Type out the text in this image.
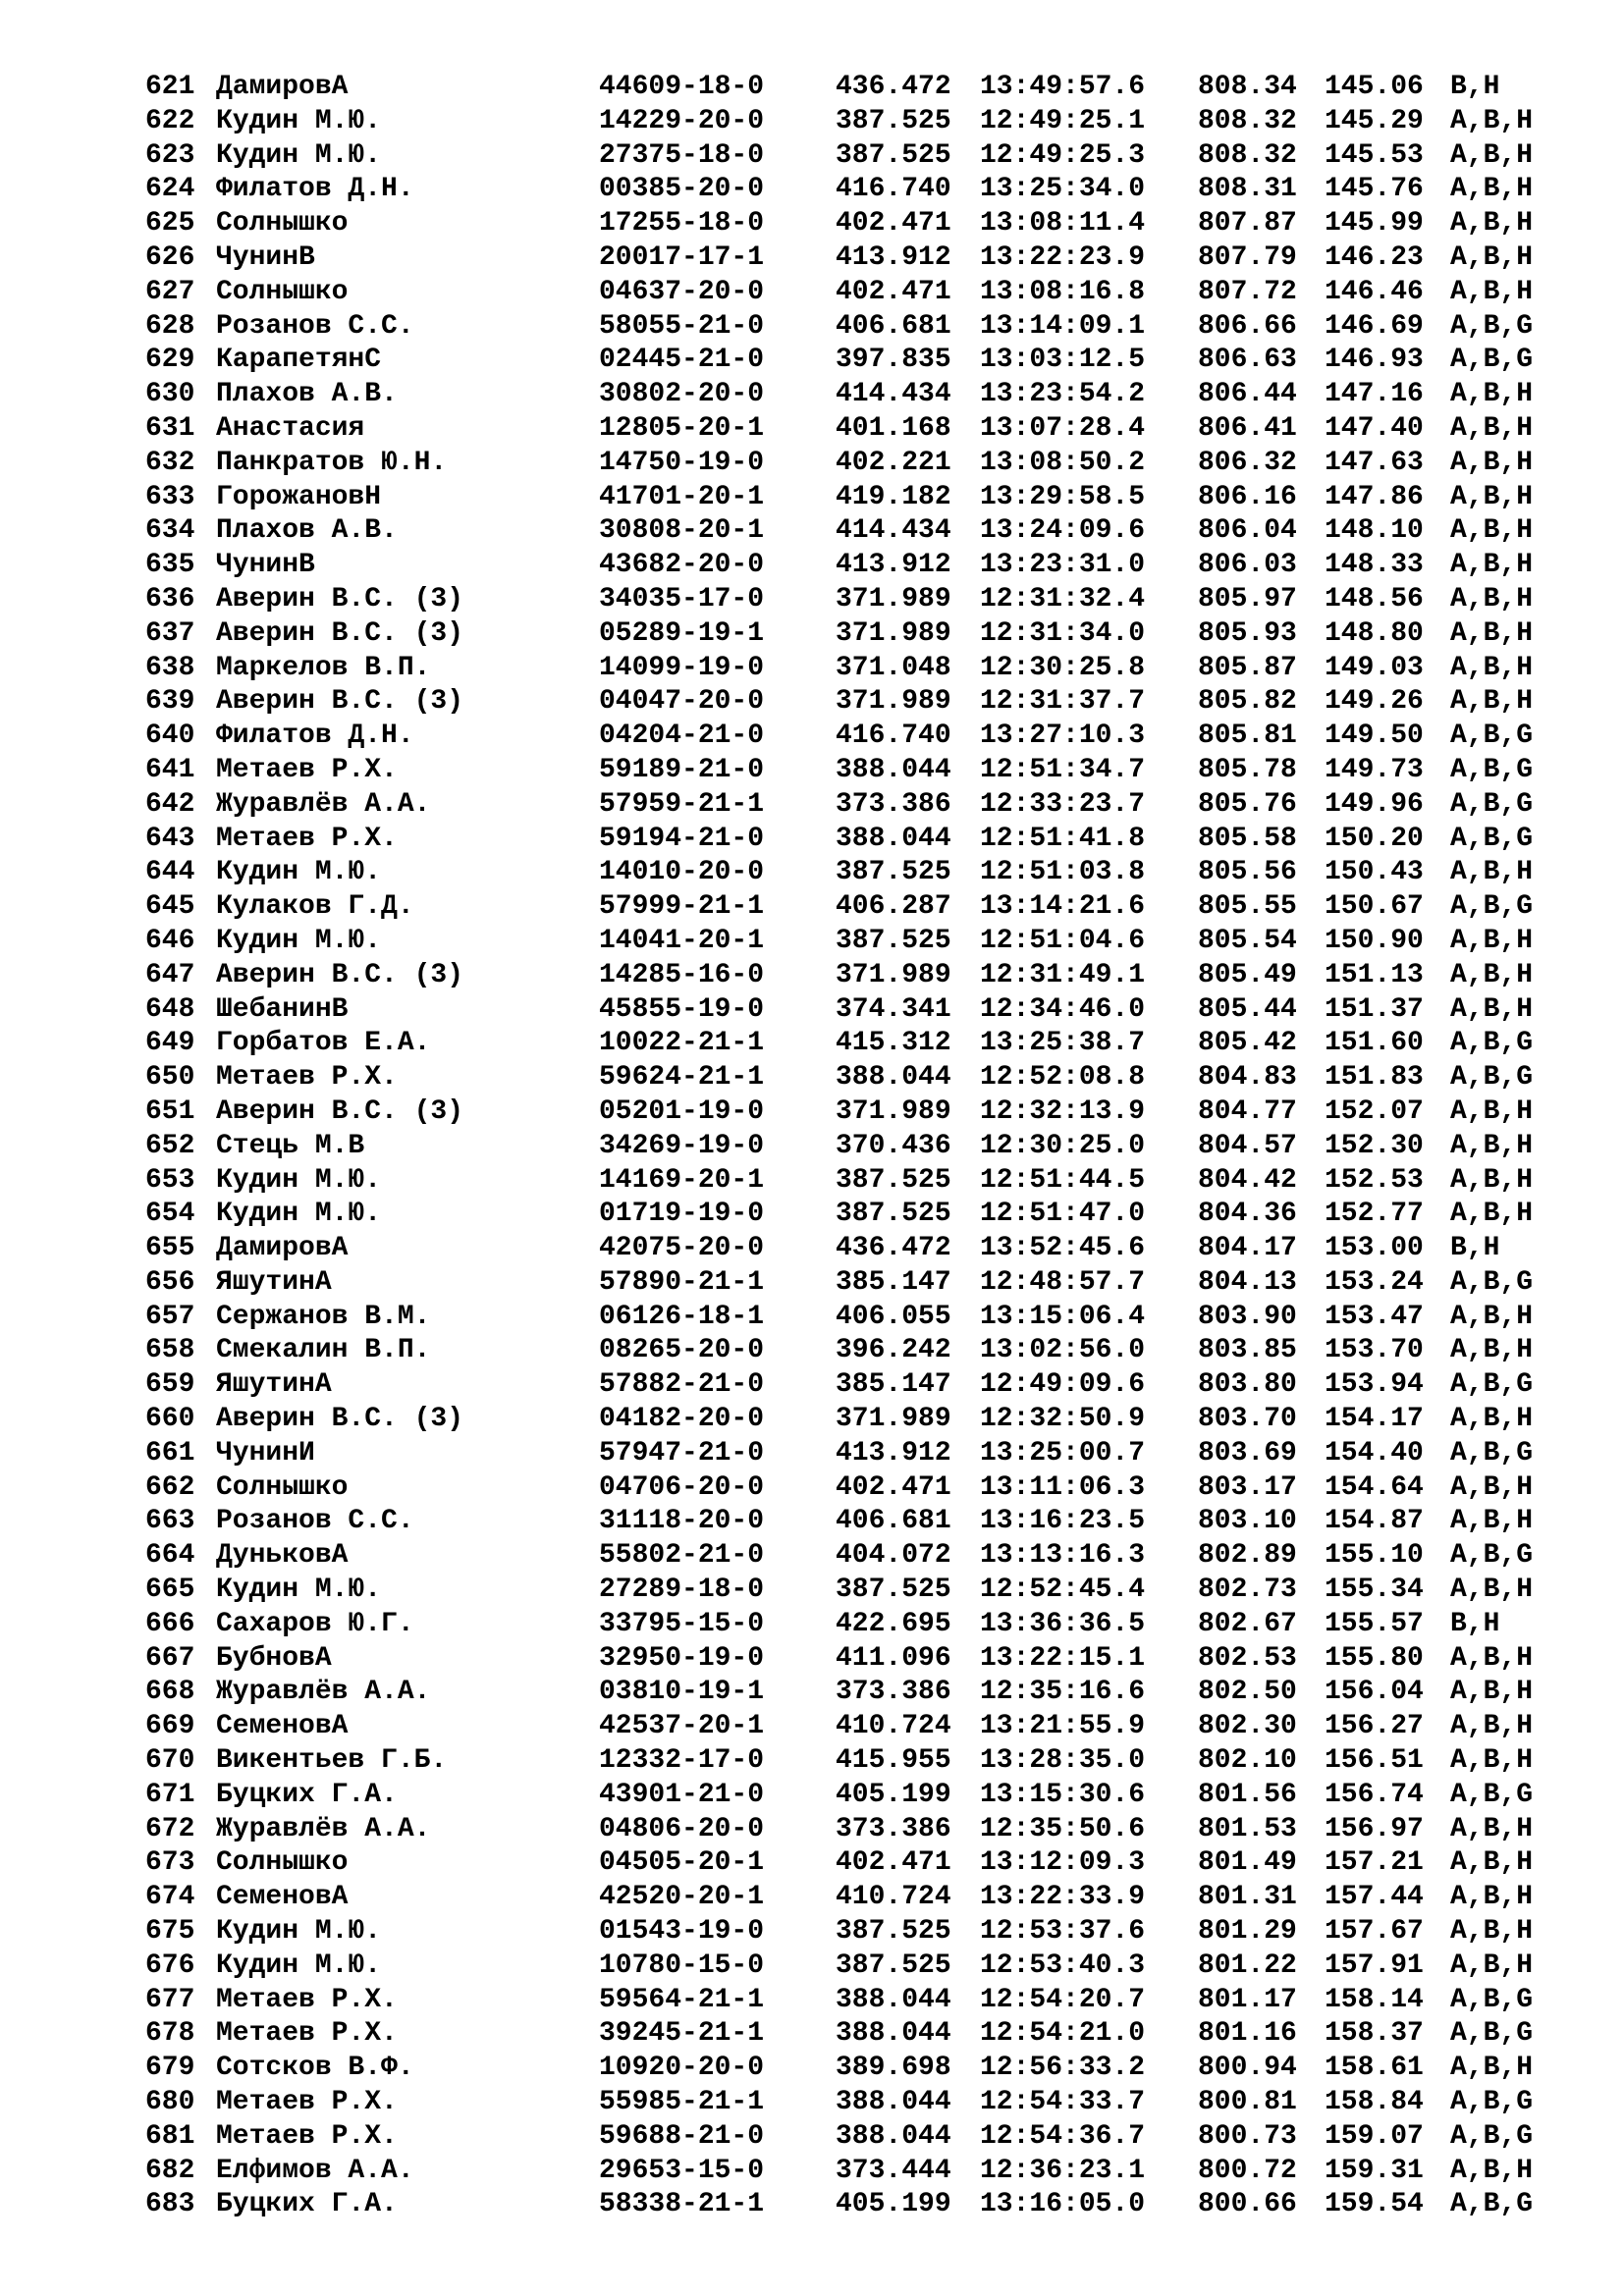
621 ДамировА	44609-18-0	436.472 13:49:57.6 808.34 145.06 B,H
622 Кудин М.Ю.	14229-20-0	387.525 12:49:25.1 808.32 145.29 A,B,H
623 Кудин М.Ю.	27375-18-0	387.525 12:49:25.3 808.32 145.53 A,B,H
624 Филатов Д.Н.	00385-20-0	416.740 13:25:34.0 808.31 145.76 A,B,H
625 Солнышко	17255-18-0	402.471 13:08:11.4 807.87 145.99 A,B,H
626 ЧунинВ	20017-17-1	413.912 13:22:23.9 807.79 146.23 A,B,H
627 Солнышко	04637-20-0	402.471 13:08:16.8 807.72 146.46 A,B,H
628 Розанов С.С.	58055-21-0	406.681 13:14:09.1 806.66 146.69 A,B,G
629 КарапетянС	02445-21-0	397.835 13:03:12.5 806.63 146.93 A,B,G
630 Плахов А.В.	30802-20-0	414.434 13:23:54.2 806.44 147.16 A,B,H
631 Анастасия	12805-20-1	401.168 13:07:28.4 806.41 147.40 A,B,H
632 Панкратов Ю.Н.	14750-19-0	402.221 13:08:50.2 806.32 147.63 A,B,H
633 ГорожановН	41701-20-1	419.182 13:29:58.5 806.16 147.86 A,B,H
634 Плахов А.В.	30808-20-1	414.434 13:24:09.6 806.04 148.10 A,B,H
635 ЧунинВ	43682-20-0	413.912 13:23:31.0 806.03 148.33 A,B,H
636 Аверин В.С. (3)	34035-17-0	371.989 12:31:32.4 805.97 148.56 A,B,H
637 Аверин В.С. (3)	05289-19-1	371.989 12:31:34.0 805.93 148.80 A,B,H
638 Маркелов В.П.	14099-19-0	371.048 12:30:25.8 805.87 149.03 A,B,H
639 Аверин В.С. (3)	04047-20-0	371.989 12:31:37.7 805.82 149.26 A,B,H
640 Филатов Д.Н.	04204-21-0	416.740 13:27:10.3 805.81 149.50 A,B,G
641 Метаев Р.Х.	59189-21-0	388.044 12:51:34.7 805.78 149.73 A,B,G
642 Журавлёв А.А.	57959-21-1	373.386 12:33:23.7 805.76 149.96 A,B,G
643 Метаев Р.Х.	59194-21-0	388.044 12:51:41.8 805.58 150.20 A,B,G
644 Кудин М.Ю.	14010-20-0	387.525 12:51:03.8 805.56 150.43 A,B,H
645 Кулаков Г.Д.	57999-21-1	406.287 13:14:21.6 805.55 150.67 A,B,G
646 Кудин М.Ю.	14041-20-1	387.525 12:51:04.6 805.54 150.90 A,B,H
647 Аверин В.С. (3)	14285-16-0	371.989 12:31:49.1 805.49 151.13 A,B,H
648 ШебанинВ	45855-19-0	374.341 12:34:46.0 805.44 151.37 A,B,H
649 Горбатов Е.А.	10022-21-1	415.312 13:25:38.7 805.42 151.60 A,B,G
650 Метаев Р.Х.	59624-21-1	388.044 12:52:08.8 804.83 151.83 A,B,G
651 Аверин В.С. (3)	05201-19-0	371.989 12:32:13.9 804.77 152.07 A,B,H
652 Стець М.В	34269-19-0	370.436 12:30:25.0 804.57 152.30 A,B,H
653 Кудин М.Ю.	14169-20-1	387.525 12:51:44.5 804.42 152.53 A,B,H
654 Кудин М.Ю.	01719-19-0	387.525 12:51:47.0 804.36 152.77 A,B,H
655 ДамировА	42075-20-0	436.472 13:52:45.6 804.17 153.00 B,H
656 ЯшутинА	57890-21-1	385.147 12:48:57.7 804.13 153.24 A,B,G
657 Сержанов В.М.	06126-18-1	406.055 13:15:06.4 803.90 153.47 A,B,H
658 Смекалин В.П.	08265-20-0	396.242 13:02:56.0 803.85 153.70 A,B,H
659 ЯшутинА	57882-21-0	385.147 12:49:09.6 803.80 153.94 A,B,G
660 Аверин В.С. (3)	04182-20-0	371.989 12:32:50.9 803.70 154.17 A,B,H
661 ЧунинИ	57947-21-0	413.912 13:25:00.7 803.69 154.40 A,B,G
662 Солнышко	04706-20-0	402.471 13:11:06.3 803.17 154.64 A,B,H
663 Розанов С.С.	31118-20-0	406.681 13:16:23.5 803.10 154.87 A,B,H
664 ДуньковА	55802-21-0	404.072 13:13:16.3 802.89 155.10 A,B,G
665 Кудин М.Ю.	27289-18-0	387.525 12:52:45.4 802.73 155.34 A,B,H
666 Сахаров Ю.Г.	33795-15-0	422.695 13:36:36.5 802.67 155.57 B,H
667 БубновА	32950-19-0	411.096 13:22:15.1 802.53 155.80 A,B,H
668 Журавлёв А.А.	03810-19-1	373.386 12:35:16.6 802.50 156.04 A,B,H
669 СеменовА	42537-20-1	410.724 13:21:55.9 802.30 156.27 A,B,H
670 Викентьев Г.Б.	12332-17-0	415.955 13:28:35.0 802.10 156.51 A,B,H
671 Буцких Г.А.	43901-21-0	405.199 13:15:30.6 801.56 156.74 A,B,G
672 Журавлёв А.А.	04806-20-0	373.386 12:35:50.6 801.53 156.97 A,B,H
673 Солнышко	04505-20-1	402.471 13:12:09.3 801.49 157.21 A,B,H
674 СеменовА	42520-20-1	410.724 13:22:33.9 801.31 157.44 A,B,H
675 Кудин М.Ю.	01543-19-0	387.525 12:53:37.6 801.29 157.67 A,B,H
676 Кудин М.Ю.	10780-15-0	387.525 12:53:40.3 801.22 157.91 A,B,H
677 Метаев Р.Х.	59564-21-1	388.044 12:54:20.7 801.17 158.14 A,B,G
678 Метаев Р.Х.	39245-21-1	388.044 12:54:21.0 801.16 158.37 A,B,G
679 Сотсков В.Ф.	10920-20-0	389.698 12:56:33.2 800.94 158.61 A,B,H
680 Метаев Р.Х.	55985-21-1	388.044 12:54:33.7 800.81 158.84 A,B,G
681 Метаев Р.Х.	59688-21-0	388.044 12:54:36.7 800.73 159.07 A,B,G
682 Елфимов А.А.	29653-15-0	373.444 12:36:23.1 800.72 159.31 A,B,H
683 Буцких Г.А.	58338-21-1	405.199 13:16:05.0 800.66 159.54 A,B,G
